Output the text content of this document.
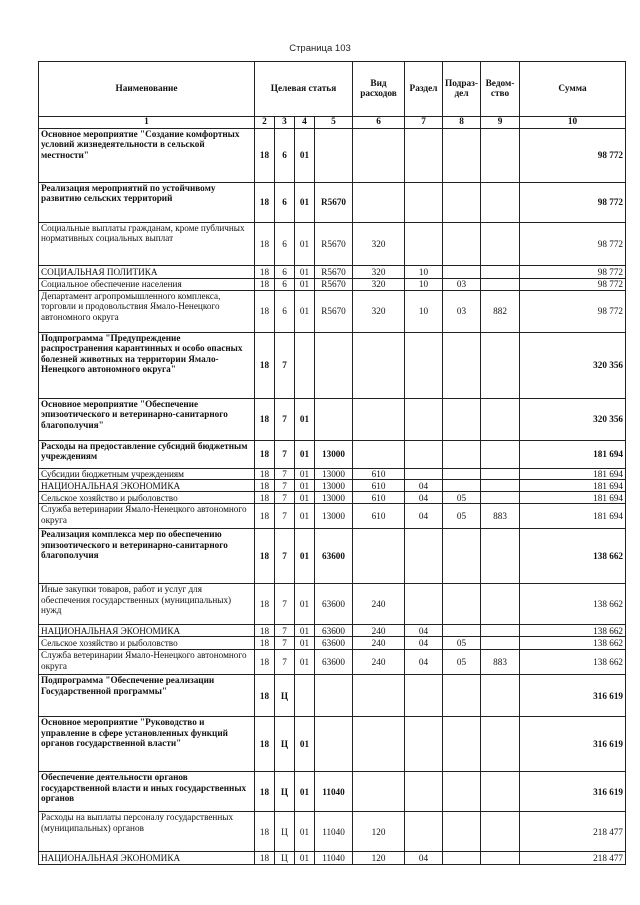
Страница 103
Наименование	Целевая статья				Вид расходов	Раздел	Подраз-дел	Ведом-ство	Сумма
1	2	3	4	5	6	7	8	9	10
Основное мероприятие "Создание комфортных условий жизнедеятельности в сельской местности"	18	6	01						98 772
Реализация мероприятий по устойчивому развитию сельских территорий	18	6	01	R5670					98 772
Социальные выплаты гражданам, кроме публичных нормативных социальных выплат	18	6	01	R5670	320				98 772
СОЦИАЛЬНАЯ ПОЛИТИКА	18	6	01	R5670	320	10			98 772
Социальное обеспечение населения	18	6	01	R5670	320	10	03		98 772
Департамент агропромышленного комплекса, торговли и продовольствия Ямало-Ненецкого автономного округа	18	6	01	R5670	320	10	03	882	98 772
Подпрограмма "Предупреждение распространения карантинных и особо опасных болезней животных на территории Ямало-Ненецкого автономного округа"	18	7							320 356
Основное мероприятие "Обеспечение эпизоотического и ветеринарно-санитарного благополучия"	18	7	01						320 356
Расходы на предоставление субсидий бюджетным учреждениям	18	7	01	13000					181 694
Субсидии бюджетным учреждениям	18	7	01	13000	610				181 694
НАЦИОНАЛЬНАЯ ЭКОНОМИКА	18	7	01	13000	610	04			181 694
Сельское хозяйство и рыболовство	18	7	01	13000	610	04	05		181 694
Служба ветеринарии Ямало-Ненецкого автономного округа	18	7	01	13000	610	04	05	883	181 694
Реализация комплекса мер по обеспечению эпизоотического и ветеринарно-санитарного благополучия	18	7	01	63600					138 662
Иные закупки товаров, работ и услуг для обеспечения государственных (муниципальных) нужд	18	7	01	63600	240				138 662
НАЦИОНАЛЬНАЯ ЭКОНОМИКА	18	7	01	63600	240	04			138 662
Сельское хозяйство и рыболовство	18	7	01	63600	240	04	05		138 662
Служба ветеринарии Ямало-Ненецкого автономного округа	18	7	01	63600	240	04	05	883	138 662
Подпрограмма "Обеспечение реализации Государственной программы"	18	Ц							316 619
Основное мероприятие "Руководство и управление в сфере установленных функций органов государственной власти"	18	Ц	01						316 619
Обеспечение деятельности органов государственной власти и иных государственных органов	18	Ц	01	11040					316 619
Расходы на выплаты персоналу государственных (муниципальных) органов	18	Ц	01	11040	120				218 477
НАЦИОНАЛЬНАЯ ЭКОНОМИКА	18	Ц	01	11040	120	04			218 477
